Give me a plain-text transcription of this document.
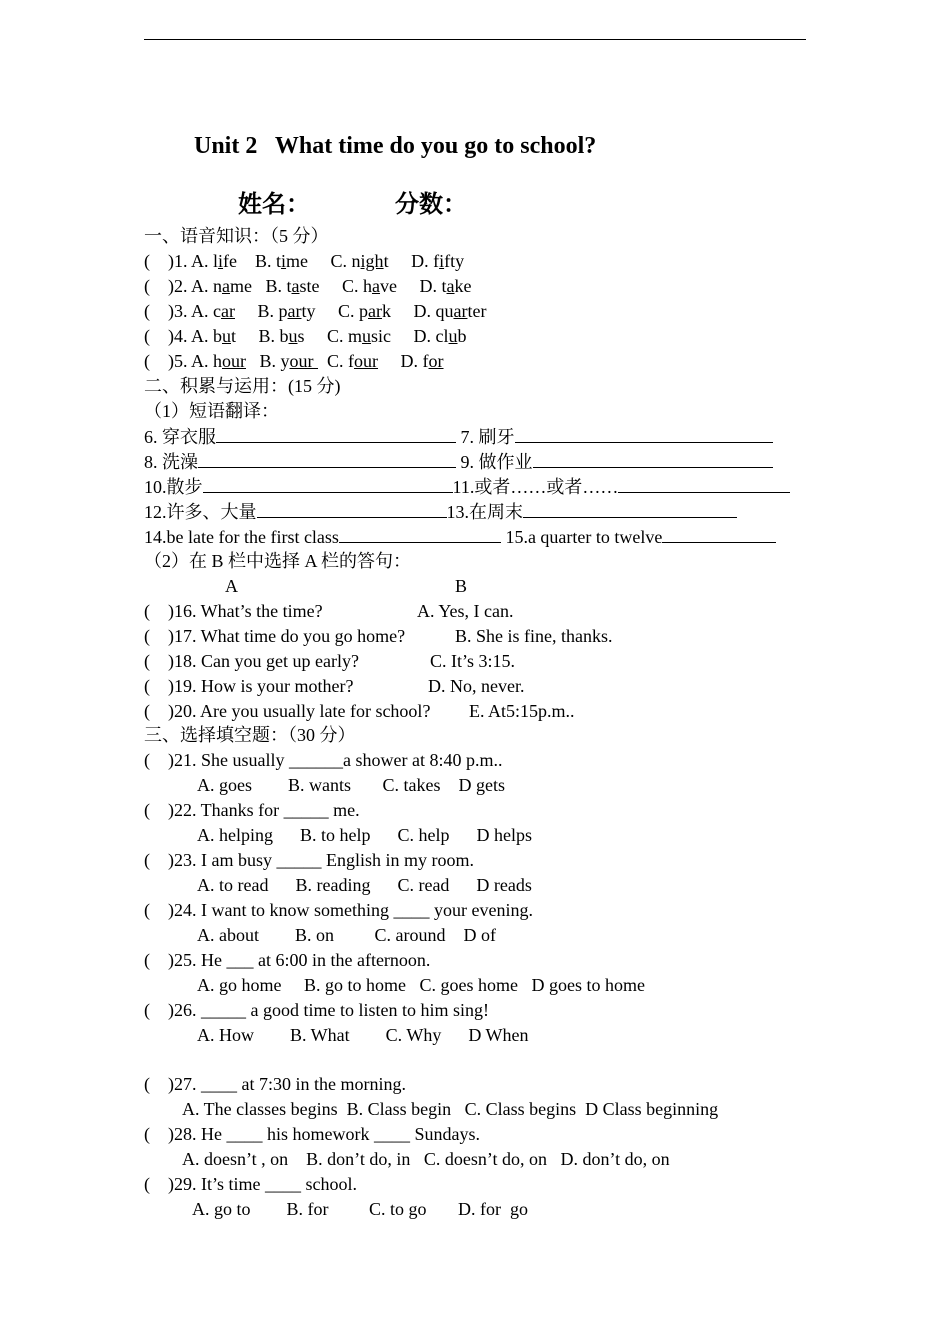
Unit 2   What time do you go to school?
姓名：	分数：
一、语音知识：（5 分）
(    )1. A. life    B. time     C. night     D. fifty
(    )2. A. name   B. taste     C. have     D. take
(    )3. A. car     B. party     C. park     D. quarter
(    )4. A. but     B. bus     C. music     D. club
(    )5. A. hour   B. your   C. four     D. for
二、积累与运用：(15 分)
（1）短语翻译：
6. 穿衣服	7. 刷牙
8. 洗澡	9. 做作业
10.散步	11.或者……或者……
12.许多、大量	13.在周末
14.be late for the first class	15.a quarter to twelve
（2）在 B 栏中选择 A 栏的答句：
A	B
(    )16. What’s the time?	A. Yes, I can.
(    )17. What time do you go home?	B. She is fine, thanks.
(    )18. Can you get up early?	C. It’s 3:15.
(    )19. How is your mother?	D. No, never.
(    )20. Are you usually late for school? E. At5:15p.m..
三、选择填空题：（30 分）
(    )21. She usually ______a shower at 8:40 p.m..
A. goes        B. wants       C. takes    D gets
(    )22. Thanks for _____ me.
A. helping      B. to help      C. help      D helps
(    )23. I am busy _____ English in my room.
A. to read      B. reading      C. read      D reads
(    )24. I want to know something ____ your evening.
A. about        B. on         C. around    D of
(    )25. He ___ at 6:00 in the afternoon.
A. go home     B. go to home   C. goes home   D goes to home
(    )26. _____ a good time to listen to him sing!
A. How        B. What        C. Why      D When
(    )27. ____ at 7:30 in the morning.
A. The classes begins  B. Class begin   C. Class begins  D Class beginning
(    )28. He ____ his homework ____ Sundays.
A. doesn’t , on    B. don’t do, in   C. doesn’t do, on   D. don’t do, on
(    )29. It’s time ____ school.
A. go to        B. for         C. to go       D. for  go
